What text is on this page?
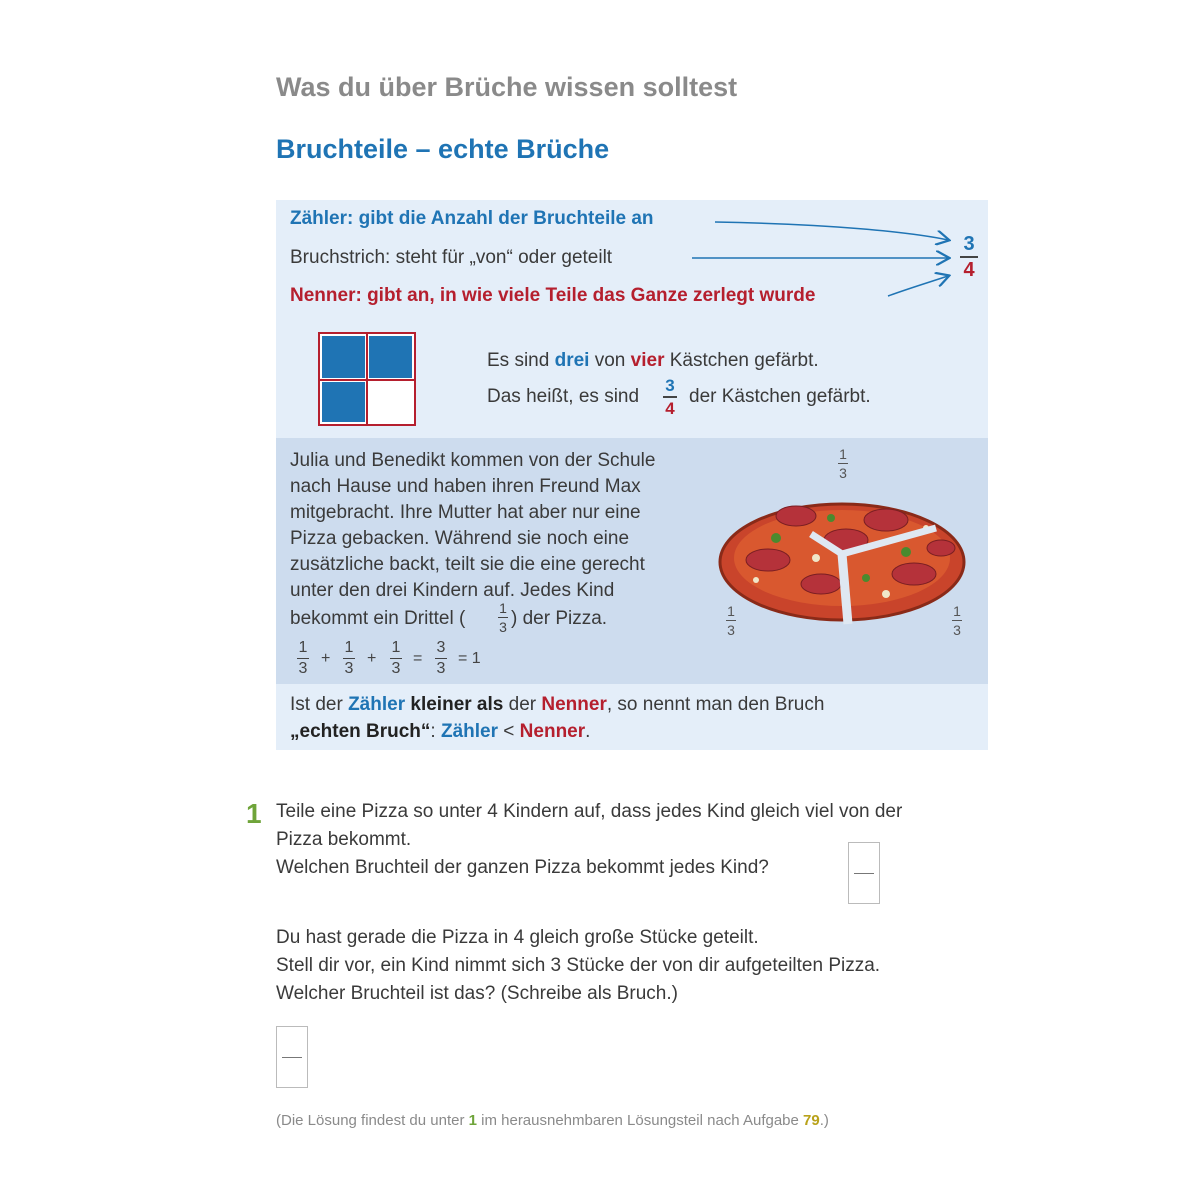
Was du über Brüche wissen solltest
Bruchteile – echte Brüche
Zähler: gibt die Anzahl der Bruchteile an
Bruchstrich: steht für „von“ oder geteilt
Nenner: gibt an, in wie viele Teile das Ganze zerlegt wurde
3
4
Es sind drei von vier Kästchen gefärbt.
Das heißt, es sind
3
4
der Kästchen gefärbt.
Julia und Benedikt kommen von der Schule
nach Hause und haben ihren Freund Max
mitgebracht. Ihre Mutter hat aber nur eine
Pizza gebacken. Während sie noch eine
zusätzliche backt, teilt sie die eine gerecht
unter den drei Kindern auf. Jedes Kind
bekommt ein Drittel ( 1
3 ) der Pizza.
1
3
+
1
3
+
1
3
=
3
3
= 1
1
3
1
3
1
3
Ist der Zähler kleiner als der Nenner, so nennt man den Bruch
„echten Bruch“: Zähler < Nenner.
1 Teile eine Pizza so unter 4 Kindern auf, dass jedes Kind gleich viel von der
Pizza bekommt.
Welchen Bruchteil der ganzen Pizza bekommt jedes Kind?
Du hast gerade die Pizza in 4 gleich große Stücke geteilt.
Stell dir vor, ein Kind nimmt sich 3 Stücke der von dir aufgeteilten Pizza.
Welcher Bruchteil ist das? (Schreibe als Bruch.)
(Die Lösung findest du unter 1 im herausnehmbaren Lösungsteil nach Aufgabe 79.)
